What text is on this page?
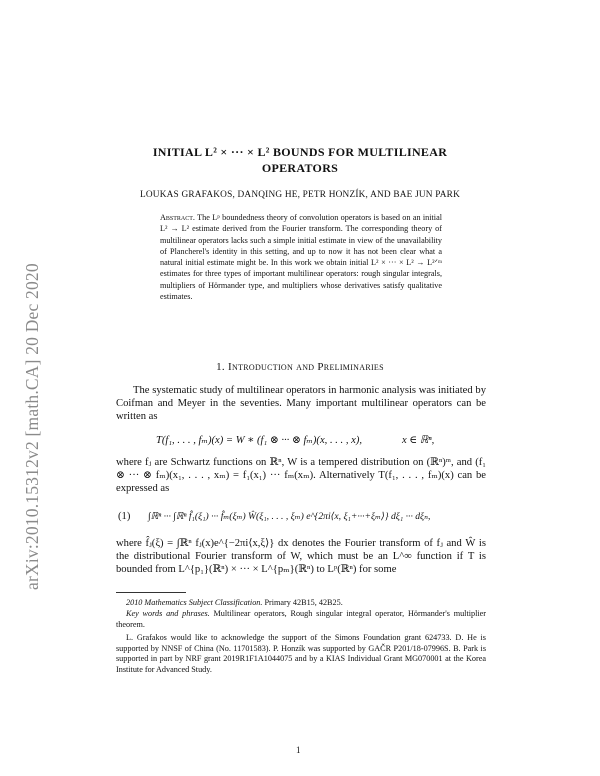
arXiv:2010.15312v2 [math.CA] 20 Dec 2020
INITIAL L² × ··· × L² BOUNDS FOR MULTILINEAR
OPERATORS
LOUKAS GRAFAKOS, DANQING HE, PETR HONZÍK, AND BAE JUN PARK
Abstract. The Lᵖ boundedness theory of convolution operators is based on an initial L² → L² estimate derived from the Fourier transform. The corresponding theory of multilinear operators lacks such a simple initial estimate in view of the unavailability of Plancherel's identity in this setting, and up to now it has not been clear what a natural initial estimate might be. In this work we obtain initial L² × ··· × L² → L²ᐟᵐ estimates for three types of important multilinear operators: rough singular integrals, multipliers of Hörmander type, and multipliers whose derivatives satisfy qualitative estimates.
1. Introduction and Preliminaries
The systematic study of multilinear operators in harmonic analysis was initiated by Coifman and Meyer in the seventies. Many important multilinear operators can be written as
T(f₁, . . . , fₘ)(x) = W ∗ (f₁ ⊗ ··· ⊗ fₘ)(x, . . . , x),	x ∈ ℝⁿ,
where fⱼ are Schwartz functions on ℝⁿ, W is a tempered distribution on (ℝⁿ)ᵐ, and (f₁ ⊗ ··· ⊗ fₘ)(x₁, . . . , xₘ) = f₁(x₁) ··· fₘ(xₘ). Alternatively T(f₁, . . . , fₘ)(x) can be expressed as
(1) ∫ℝⁿ ··· ∫ℝⁿ f̂₁(ξ₁) ··· f̂ₘ(ξₘ) Ŵ(ξ₁, . . . , ξₘ) e^{2πi⟨x, ξ₁+···+ξₘ⟩} dξ₁ ··· dξₙ,
where f̂ⱼ(ξ) = ∫ℝⁿ fⱼ(x)e^{−2πi⟨x,ξ⟩} dx denotes the Fourier transform of fⱼ and Ŵ is the distributional Fourier transform of W, which must be an L^∞ function if T is bounded from L^{p₁}(ℝⁿ) × ··· × L^{pₘ}(ℝⁿ) to Lᵖ(ℝⁿ) for some
2010 Mathematics Subject Classification. Primary 42B15, 42B25.
Key words and phrases. Multilinear operators, Rough singular integral operator, Hörmander's multiplier theorem.
L. Grafakos would like to acknowledge the support of the Simons Foundation grant 624733. D. He is supported by NNSF of China (No. 11701583). P. Honzík was supported by GAČR P201/18-07996S. B. Park is supported in part by NRF grant 2019R1F1A1044075 and by a KIAS Individual Grant MG070001 at the Korea Institute for Advanced Study.
1
